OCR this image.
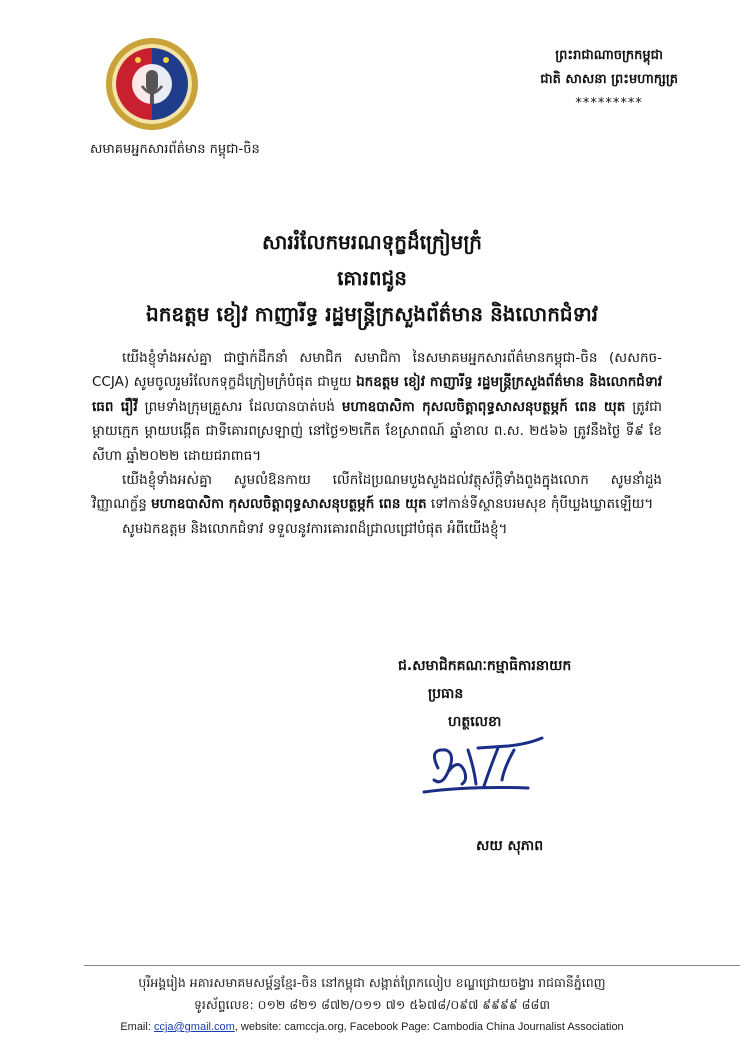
សមាគមអ្នកសារព័ត៌មាន កម្ពុជា-ចិន
ព្រះរាជាណាចក្រកម្ពុជា
ជាតិ សាសនា ព្រះមហាក្សត្រ
*********
សាររំលែកមរណទុក្ខដ៏ក្រៀមក្រំ
គោរពជូន
ឯកឧត្តម ខៀវ កាញារីទ្ធ រដ្ឋមន្ត្រីក្រសួងព័ត៌មាន និងលោកជំទាវ

យើងខ្ញុំទាំងអស់គ្នា ជាថ្នាក់ដឹកនាំ សមាជិក សមាជិកា នៃសមាគមអ្នកសារព័ត៌មានកម្ពុជា-ចិន (សសកច-CCJA) សូមចូលរួមរំលែកទុក្ខដ៏ក្រៀមក្រំបំផុត ជាមួយ ឯកឧត្តម ខៀវ កាញារីទ្ធ រដ្ឋមន្ត្រីក្រសួងព័ត៌មាន និងលោកជំទាវ ធេព រឿវី ព្រមទាំងក្រុមគ្រួសារ ដែលបានបាត់បង់ មហាឧបាសិកា កុសលចិត្តាពុទ្ធសាសនុបត្ថម្ភក៍ ពេន យុត ត្រូវជាម្ដាយក្មេក ម្ដាយបង្កើត ជាទីគោរពស្រឡាញ់ នៅថ្ងៃ១២កើត ខែស្រាពណ៍ ឆ្នាំខាល ព.ស. ២៥៦៦ ត្រូវនឹងថ្ងៃ ទី៩ ខែសីហា ឆ្នាំ២០២២ ដោយជរាពាធ។

យើងខ្ញុំទាំងអស់គ្នា សូមលំឱនកាយ លើកដៃប្រណមបួងសួងដល់វត្ថុស័ក្តិទាំងពួងក្នុងលោក សូមនាំដួងវិញ្ញាណក្ខ័ន្ធ មហាឧបាសិកា កុសលចិត្តាពុទ្ធសាសនុបត្ថម្ភក៍ ពេន យុត ទៅកាន់ទីស្ថានបរមសុខ កុំបីឃ្លងឃ្លាតឡើយ។

សូមឯកឧត្តម និងលោកជំទាវ ទទួលនូវការគោរពដ៏ជ្រាលជ្រៅបំផុត អំពីយើងខ្ញុំ។

ជ.សមាជិកគណៈកម្មាធិការនាយក
ប្រធាន
ហត្ថលេខា
សយ សុភាព
បុរីអង្គរៀង អគារសមាគមសម្ព័ន្ធខ្មែរ-ចិន នៅកម្ពុជា សង្កាត់ព្រែកលៀប ខណ្ឌជ្រោយចង្វារ រាជធានីភ្នំពេញ
ទូរស័ព្ទលេខ: ០១២ ៨២១ ៨៧២/០១១ ៧១ ៥៦៧៨/០៩៧ ៩៩៩៩ ៨៨៣
Email: ccja@gmail.com, website: camccja.org, Facebook Page: Cambodia China Journalist Association
